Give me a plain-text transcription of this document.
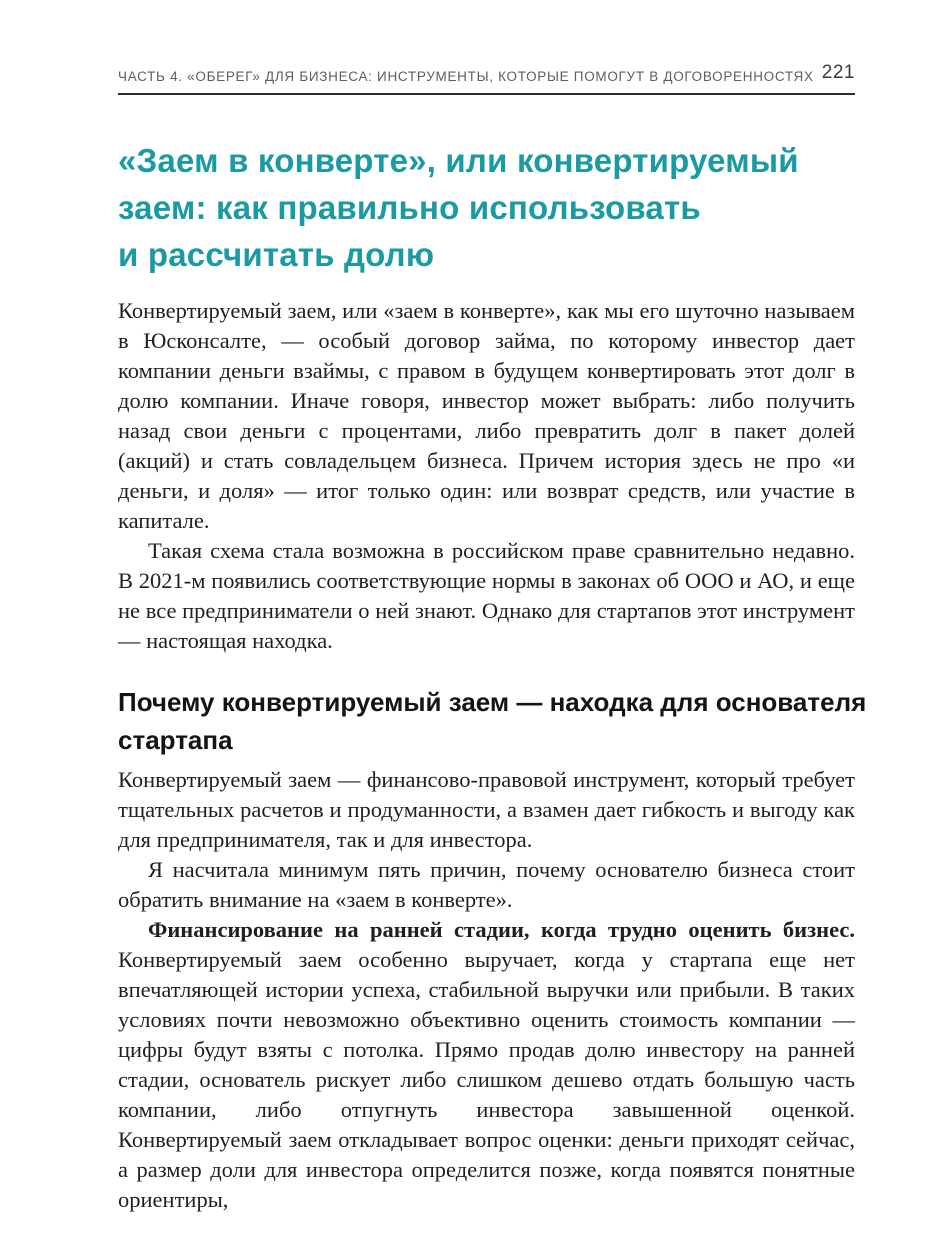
ЧАСТЬ 4. «ОБЕРЕГ» ДЛЯ БИЗНЕСА: ИНСТРУМЕНТЫ, КОТОРЫЕ ПОМОГУТ В ДОГОВОРЕННОСТЯХ 221
«Заем в конверте», или конвертируемый
заем: как правильно использовать
и рассчитать долю

Конвертируемый заем, или «заем в конверте», как мы его шуточно называем в Юсконсалте, — особый договор займа, по которому инвестор дает компании деньги взаймы, с правом в будущем конвертировать этот долг в долю компании. Иначе говоря, инвестор может выбрать: либо получить назад свои деньги с процентами, либо превратить долг в пакет долей (акций) и стать совладельцем бизнеса. Причем история здесь не про «и деньги, и доля» — итог только один: или возврат средств, или участие в капитале.

Такая схема стала возможна в российском праве сравнительно недавно. В 2021-м появились соответствующие нормы в законах об ООО и АО, и еще не все предприниматели о ней знают. Однако для стартапов этот инструмент — настоящая находка.

Почему конвертируемый заем — находка для основателя
стартапа

Конвертируемый заем — финансово-правовой инструмент, который требует тщательных расчетов и продуманности, а взамен дает гибкость и выгоду как для предпринимателя, так и для инвестора.

Я насчитала минимум пять причин, почему основателю бизнеса стоит обратить внимание на «заем в конверте».

Финансирование на ранней стадии, когда трудно оценить бизнес. Конвертируемый заем особенно выручает, когда у стартапа еще нет впечатляющей истории успеха, стабильной выручки или прибыли. В таких условиях почти невозможно объективно оценить стоимость компании — цифры будут взяты с потолка. Прямо продав долю инвестору на ранней стадии, основатель рискует либо слишком дешево отдать большую часть компании, либо отпугнуть инвестора завышенной оценкой. Конвертируемый заем откладывает вопрос оценки: деньги приходят сейчас, а размер доли для инвестора определится позже, когда появятся понятные ориентиры,
